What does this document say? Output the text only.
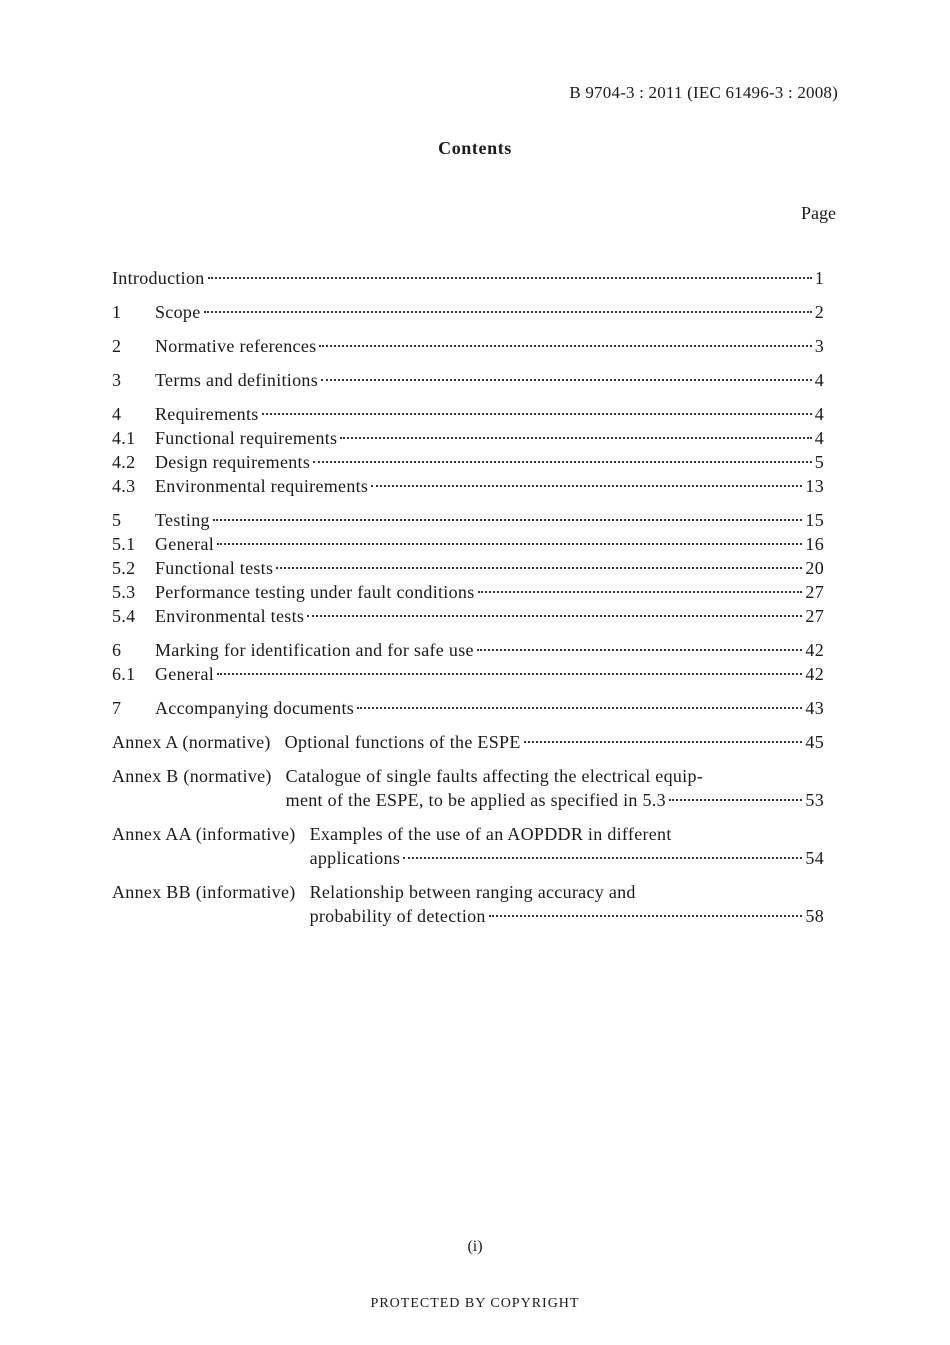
B 9704-3 : 2011 (IEC 61496-3 : 2008)
Contents
Page
Introduction	1
1	Scope	2
2	Normative references	3
3	Terms and definitions	4
4	Requirements	4
4.1	Functional requirements	4
4.2	Design requirements	5
4.3	Environmental requirements	13
5	Testing	15
5.1	General	16
5.2	Functional tests	20
5.3	Performance testing under fault conditions	27
5.4	Environmental tests	27
6	Marking for identification and for safe use	42
6.1	General	42
7	Accompanying documents	43
Annex A (normative) Optional functions of the ESPE	45
Annex B (normative) Catalogue of single faults affecting the electrical equip-
ment of the ESPE, to be applied as specified in 5.3	53
Annex AA (informative) Examples of the use of an AOPDDR in different
applications	54
Annex BB (informative) Relationship between ranging accuracy and
probability of detection	58
(i)
PROTECTED BY COPYRIGHT
